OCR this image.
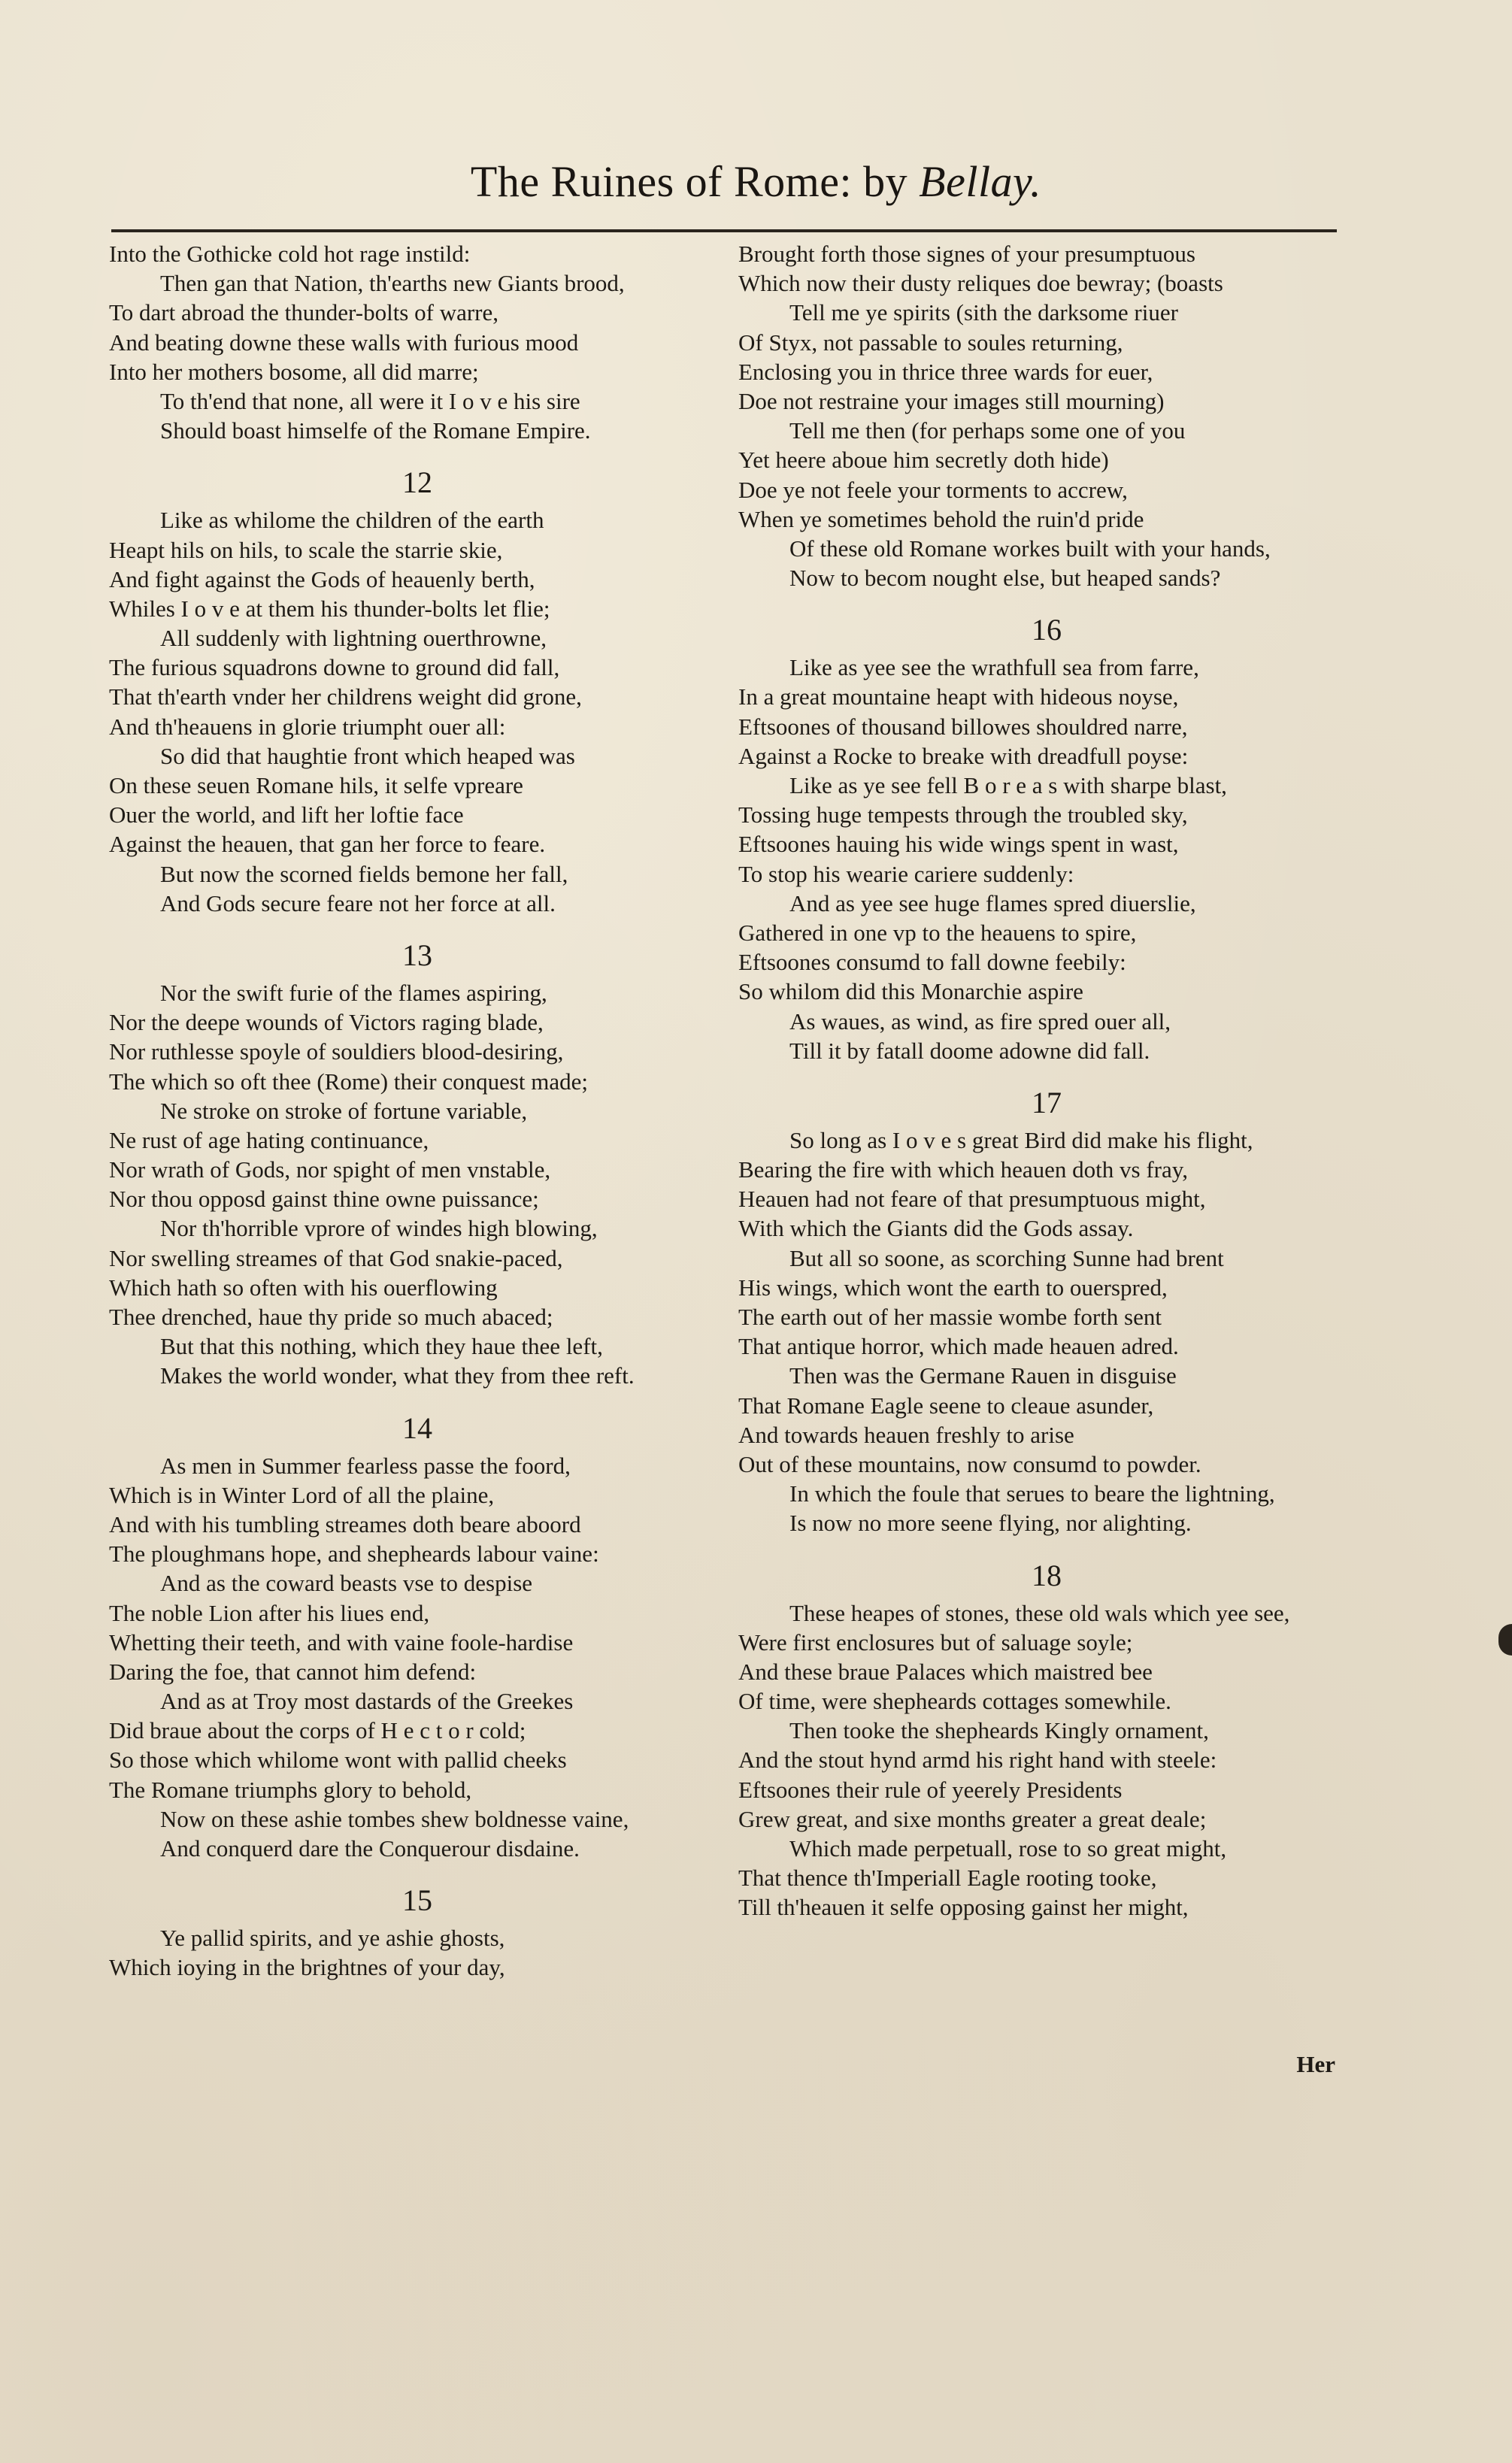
The Ruines of Rome: by Bellay.
Into the Gothicke cold hot rage instild:
Then gan that Nation, th'earths new Giants brood,
To dart abroad the thunder-bolts of warre,
And beating downe these walls with furious mood
Into her mothers bosome, all did marre;
To th'end that none, all were it I o v e his sire
Should boast himselfe of the Romane Empire.
12
Like as whilome the children of the earth
Heapt hils on hils, to scale the starrie skie,
And fight against the Gods of heauenly berth,
Whiles I o v e at them his thunder-bolts let flie;
All suddenly with lightning ouerthrowne,
The furious squadrons downe to ground did fall,
That th'earth vnder her childrens weight did grone,
And th'heauens in glorie triumpht ouer all:
So did that haughtie front which heaped was
On these seuen Romane hils, it selfe vpreare
Ouer the world, and lift her loftie face
Against the heauen, that gan her force to feare.
But now the scorned fields bemone her fall,
And Gods secure feare not her force at all.
13
Nor the swift furie of the flames aspiring,
Nor the deepe wounds of Victors raging blade,
Nor ruthlesse spoyle of souldiers blood-desiring,
The which so oft thee (Rome) their conquest made;
Ne stroke on stroke of fortune variable,
Ne rust of age hating continuance,
Nor wrath of Gods, nor spight of men vnstable,
Nor thou opposd gainst thine owne puissance;
Nor th'horrible vprore of windes high blowing,
Nor swelling streames of that God snakie-paced,
Which hath so often with his ouerflowing
Thee drenched, haue thy pride so much abaced;
But that this nothing, which they haue thee left,
Makes the world wonder, what they from thee reft.
14
As men in Summer fearless passe the foord,
Which is in Winter Lord of all the plaine,
And with his tumbling streames doth beare aboord
The ploughmans hope, and shepheards labour vaine:
And as the coward beasts vse to despise
The noble Lion after his liues end,
Whetting their teeth, and with vaine foole-hardise
Daring the foe, that cannot him defend:
And as at Troy most dastards of the Greekes
Did braue about the corps of H e c t o r cold;
So those which whilome wont with pallid cheeks
The Romane triumphs glory to behold,
Now on these ashie tombes shew boldnesse vaine,
And conquerd dare the Conquerour disdaine.
15
Ye pallid spirits, and ye ashie ghosts,
Which ioying in the brightnes of your day,
Brought forth those signes of your presumptuous
Which now their dusty reliques doe bewray; (boasts
Tell me ye spirits (sith the darksome riuer
Of Styx, not passable to soules returning,
Enclosing you in thrice three wards for euer,
Doe not restraine your images still mourning)
Tell me then (for perhaps some one of you
Yet heere aboue him secretly doth hide)
Doe ye not feele your torments to accrew,
When ye sometimes behold the ruin'd pride
Of these old Romane workes built with your hands,
Now to becom nought else, but heaped sands?
16
Like as yee see the wrathfull sea from farre,
In a great mountaine heapt with hideous noyse,
Eftsoones of thousand billowes shouldred narre,
Against a Rocke to breake with dreadfull poyse:
Like as ye see fell B o r e a s with sharpe blast,
Tossing huge tempests through the troubled sky,
Eftsoones hauing his wide wings spent in wast,
To stop his wearie cariere suddenly:
And as yee see huge flames spred diuerslie,
Gathered in one vp to the heauens to spire,
Eftsoones consumd to fall downe feebily:
So whilom did this Monarchie aspire
As waues, as wind, as fire spred ouer all,
Till it by fatall doome adowne did fall.
17
So long as I o v e s great Bird did make his flight,
Bearing the fire with which heauen doth vs fray,
Heauen had not feare of that presumptuous might,
With which the Giants did the Gods assay.
But all so soone, as scorching Sunne had brent
His wings, which wont the earth to ouerspred,
The earth out of her massie wombe forth sent
That antique horror, which made heauen adred.
Then was the Germane Rauen in disguise
That Romane Eagle seene to cleaue asunder,
And towards heauen freshly to arise
Out of these mountains, now consumd to powder.
In which the foule that serues to beare the lightning,
Is now no more seene flying, nor alighting.
18
These heapes of stones, these old wals which yee see,
Were first enclosures but of saluage soyle;
And these braue Palaces which maistred bee
Of time, were shepheards cottages somewhile.
Then tooke the shepheards Kingly ornament,
And the stout hynd armd his right hand with steele:
Eftsoones their rule of yeerely Presidents
Grew great, and sixe months greater a great deale;
Which made perpetuall, rose to so great might,
That thence th'Imperiall Eagle rooting tooke,
Till th'heauen it selfe opposing gainst her might,
Her
